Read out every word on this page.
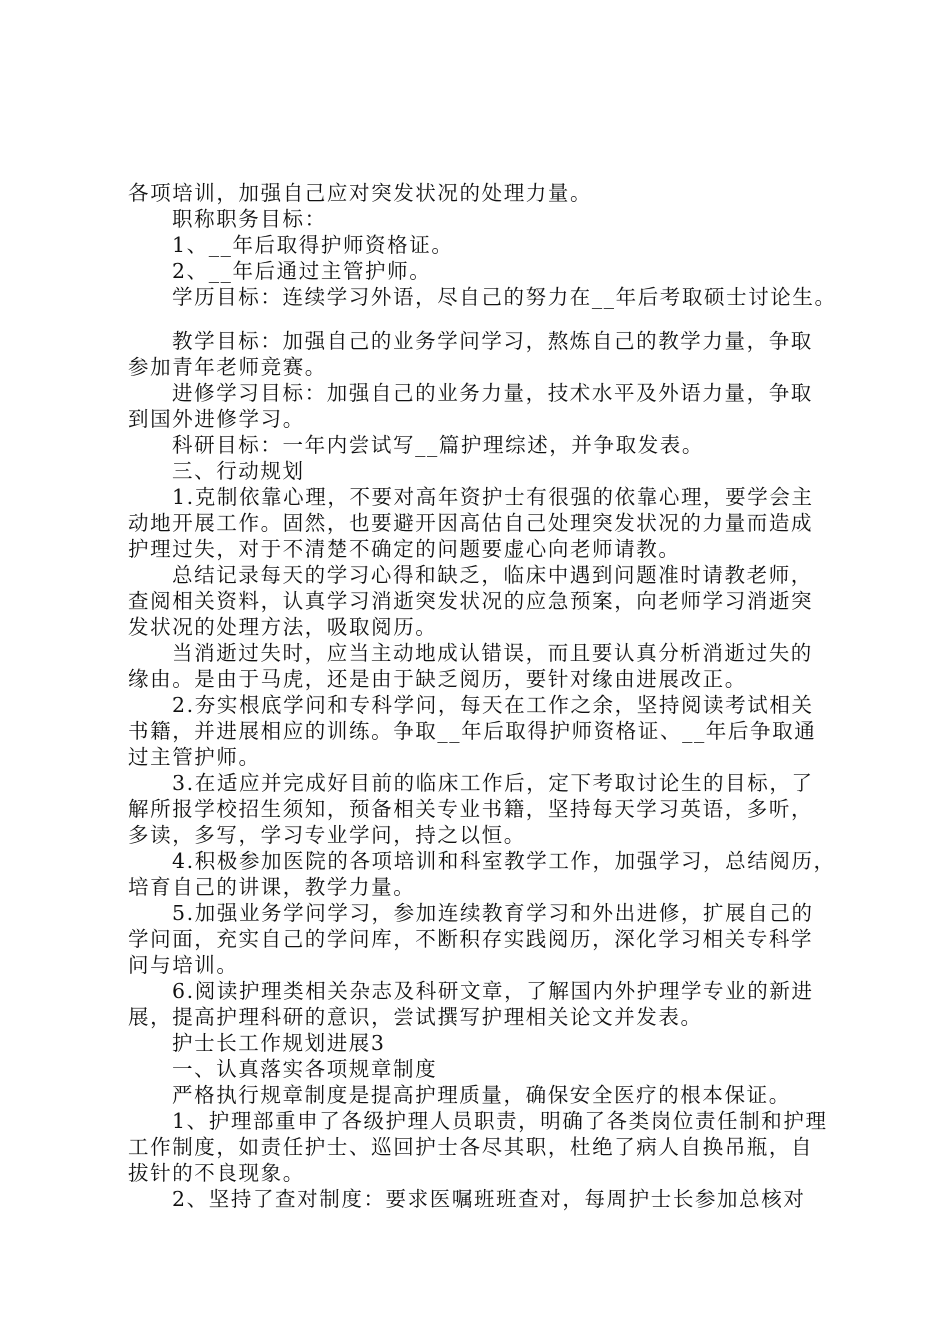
各项培训，加强自己应对突发状况的处理力量。
职称职务目标：
1、__年后取得护师资格证。
2、__年后通过主管护师。
学历目标：连续学习外语，尽自己的努力在__年后考取硕士讨论生。
教学目标：加强自己的业务学问学习，熬炼自己的教学力量，争取
参加青年老师竞赛。
进修学习目标：加强自己的业务力量，技术水平及外语力量，争取
到国外进修学习。
科研目标：一年内尝试写__篇护理综述，并争取发表。
三、行动规划
1.克制依靠心理，不要对高年资护士有很强的依靠心理，要学会主
动地开展工作。固然，也要避开因高估自己处理突发状况的力量而造成
护理过失，对于不清楚不确定的问题要虚心向老师请教。
总结记录每天的学习心得和缺乏，临床中遇到问题准时请教老师，
查阅相关资料，认真学习消逝突发状况的应急预案，向老师学习消逝突
发状况的处理方法，吸取阅历。
当消逝过失时，应当主动地成认错误，而且要认真分析消逝过失的
缘由。是由于马虎，还是由于缺乏阅历，要针对缘由进展改正。
2.夯实根底学问和专科学问，每天在工作之余，坚持阅读考试相关
书籍，并进展相应的训练。争取__年后取得护师资格证、__年后争取通
过主管护师。
3.在适应并完成好目前的临床工作后，定下考取讨论生的目标，了
解所报学校招生须知，预备相关专业书籍，坚持每天学习英语，多听，
多读，多写，学习专业学问，持之以恒。
4.积极参加医院的各项培训和科室教学工作，加强学习，总结阅历，
培育自己的讲课，教学力量。
5.加强业务学问学习，参加连续教育学习和外出进修，扩展自己的
学问面，充实自己的学问库，不断积存实践阅历，深化学习相关专科学
问与培训。
6.阅读护理类相关杂志及科研文章，了解国内外护理学专业的新进
展，提高护理科研的意识，尝试撰写护理相关论文并发表。
护士长工作规划进展3
一、认真落实各项规章制度
严格执行规章制度是提高护理质量，确保安全医疗的根本保证。
1、护理部重申了各级护理人员职责，明确了各类岗位责任制和护理
工作制度，如责任护士、巡回护士各尽其职，杜绝了病人自换吊瓶，自
拔针的不良现象。
2、坚持了查对制度：要求医嘱班班查对，每周护士长参加总核对
